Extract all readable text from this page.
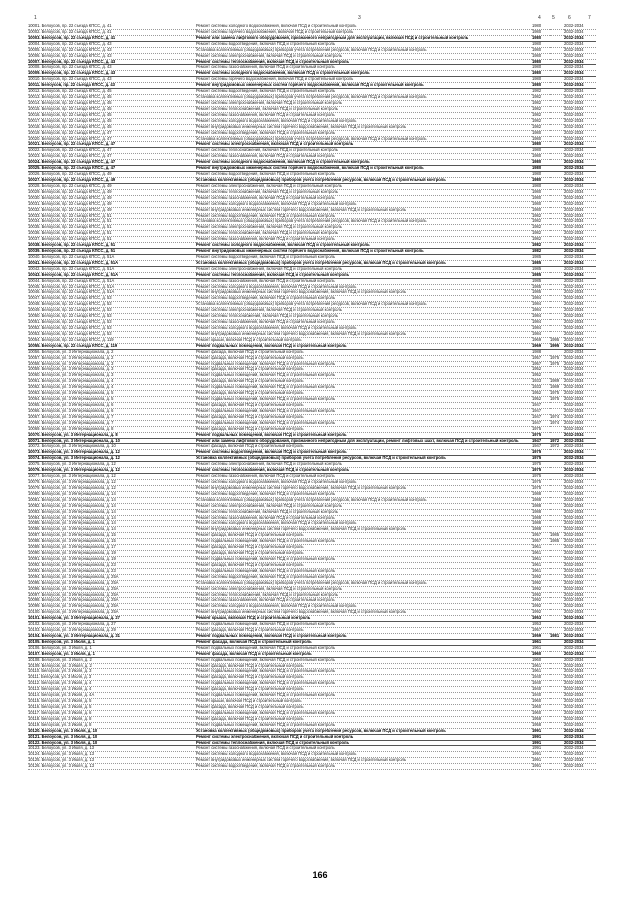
1	3	4 5	6	7
10001. Белоусов, пр. 22 съезда КПСС, д. 41	Ремонт системы холодного водоснабжения, включая ПСД и строительный контроль	1980		2032-2034
10002. Белоусов, пр. 22 съезда КПСС, д. 41	Ремонт системы горячего водоснабжения, включая ПСД и строительный контроль	1980		2032-2034
10003. Белоусов, пр. 22 съезда КПСС, д. 41	Ремонт или замена лифтового оборудования, признанного непригодным для эксплуатации, включая ПСД и строительный контроль	1980		2032-2034
10004. Белоусов, пр. 22 съезда КПСС, д. 43	Ремонт системы водоотведения, включая ПСД и строительный контроль	1980		2032-2034
10005. Белоусов, пр. 22 съезда КПСС, д. 43	Установка коллективных (общедомовых) приборов учета потребления ресурсов, включая ПСД и строительный контроль	1980		2032-2034
10006. Белоусов, пр. 22 съезда КПСС, д. 43	Ремонт системы электроснабжения, включая ПСД и строительный контроль	1980		2032-2034
10007. Белоусов, пр. 22 съезда КПСС, д. 43	Ремонт системы теплоснабжения, включая ПСД и строительный контроль	1980		2032-2034
10008. Белоусов, пр. 22 съезда КПСС, д. 43	Ремонт системы газоснабжения, включая ПСД и строительный контроль	1980		2032-2034
10009. Белоусов, пр. 22 съезда КПСС, д. 43	Ремонт системы холодного водоснабжения, включая ПСД и строительный контроль	1980		2032-2034
10010. Белоусов, пр. 22 съезда КПСС, д. 43	Ремонт системы горячего водоснабжения, включая ПСД и строительный контроль	1980		2032-2034
10011. Белоусов, пр. 22 съезда КПСС, д. 43	Ремонт внутридомовых инженерных систем горячего водоснабжения, включая ПСД и строительный контроль	1980		2032-2034
10012. Белоусов, пр. 22 съезда КПСС, д. 45	Ремонт системы водоотведения, включая ПСД и строительный контроль	1982		2032-2034
10013. Белоусов, пр. 22 съезда КПСС, д. 45	Установка коллективных (общедомовых) приборов учета потребления ресурсов, включая ПСД и строительный контроль	1982		2032-2034
10014. Белоусов, пр. 22 съезда КПСС, д. 45	Ремонт системы электроснабжения, включая ПСД и строительный контроль	1982		2032-2034
10015. Белоусов, пр. 22 съезда КПСС, д. 45	Ремонт системы теплоснабжения, включая ПСД и строительный контроль	1982		2032-2034
10016. Белоусов, пр. 22 съезда КПСС, д. 45	Ремонт системы газоснабжения, включая ПСД и строительный контроль	1982		2032-2034
10017. Белоусов, пр. 22 съезда КПСС, д. 45	Ремонт системы холодного водоснабжения, включая ПСД и строительный контроль	1982		2032-2034
10018. Белоусов, пр. 22 съезда КПСС, д. 45	Ремонт внутридомовых инженерных систем горячего водоснабжения, включая ПСД и строительный контроль	1982		2032-2034
10019. Белоусов, пр. 22 съезда КПСС, д. 47	Ремонт системы водоотведения, включая ПСД и строительный контроль	1980		2032-2034
10020. Белоусов, пр. 22 съезда КПСС, д. 47	Установка коллективных (общедомовых) приборов учета потребления ресурсов, включая ПСД и строительный контроль	1980		2032-2034
10021. Белоусов, пр. 22 съезда КПСС, д. 47	Ремонт системы электроснабжения, включая ПСД и строительный контроль	1980		2032-2034
10022. Белоусов, пр. 22 съезда КПСС, д. 47	Ремонт системы теплоснабжения, включая ПСД и строительный контроль	1980		2032-2034
10023. Белоусов, пр. 22 съезда КПСС, д. 47	Ремонт системы газоснабжения, включая ПСД и строительный контроль	1980		2032-2034
10024. Белоусов, пр. 22 съезда КПСС, д. 47	Ремонт системы холодного водоснабжения, включая ПСД и строительный контроль	1980		2032-2034
10025. Белоусов, пр. 22 съезда КПСС, д. 47	Ремонт внутридомовых инженерных систем горячего водоснабжения, включая ПСД и строительный контроль	1980		2032-2034
10026. Белоусов, пр. 22 съезда КПСС, д. 49	Ремонт системы водоотведения, включая ПСД и строительный контроль	1980		2032-2034
10027. Белоусов, пр. 22 съезда КПСС, д. 49	Установка коллективных (общедомовых) приборов учета потребления ресурсов, включая ПСД и строительный контроль	1980		2032-2034
10028. Белоусов, пр. 22 съезда КПСС, д. 49	Ремонт системы электроснабжения, включая ПСД и строительный контроль	1980		2032-2034
10029. Белоусов, пр. 22 съезда КПСС, д. 49	Ремонт системы теплоснабжения, включая ПСД и строительный контроль	1980		2032-2034
10030. Белоусов, пр. 22 съезда КПСС, д. 49	Ремонт системы газоснабжения, включая ПСД и строительный контроль	1980		2032-2034
10031. Белоусов, пр. 22 съезда КПСС, д. 49	Ремонт системы холодного водоснабжения, включая ПСД и строительный контроль	1980		2032-2034
10032. Белоусов, пр. 22 съезда КПСС, д. 49	Ремонт внутридомовых инженерных систем горячего водоснабжения, включая ПСД и строительный контроль	1980		2032-2034
10033. Белоусов, пр. 22 съезда КПСС, д. 51	Ремонт системы водоотведения, включая ПСД и строительный контроль	1982		2032-2034
10034. Белоусов, пр. 22 съезда КПСС, д. 51	Установка коллективных (общедомовых) приборов учета потребления ресурсов, включая ПСД и строительный контроль	1982		2032-2034
10035. Белоусов, пр. 22 съезда КПСС, д. 51	Ремонт системы электроснабжения, включая ПСД и строительный контроль	1982		2032-2034
10036. Белоусов, пр. 22 съезда КПСС, д. 51	Ремонт системы теплоснабжения, включая ПСД и строительный контроль	1982		2032-2034
10037. Белоусов, пр. 22 съезда КПСС, д. 51	Ремонт системы газоснабжения, включая ПСД и строительный контроль	1982		2032-2034
10038. Белоусов, пр. 22 съезда КПСС, д. 51	Ремонт системы холодного водоснабжения, включая ПСД и строительный контроль	1982		2032-2034
10039. Белоусов, пр. 22 съезда КПСС, д. 51	Ремонт внутридомовых инженерных систем горячего водоснабжения, включая ПСД и строительный контроль	1982		2032-2034
10040. Белоусов, пр. 22 съезда КПСС, д. 51А	Ремонт системы водоотведения, включая ПСД и строительный контроль	1985		2032-2034
10041. Белоусов, пр. 22 съезда КПСС, д. 51А	Установка коллективных (общедомовых) приборов учета потребления ресурсов, включая ПСД и строительный контроль	1985		2032-2034
10042. Белоусов, пр. 22 съезда КПСС, д. 51А	Ремонт системы электроснабжения, включая ПСД и строительный контроль	1985		2032-2034
10043. Белоусов, пр. 22 съезда КПСС, д. 51А	Ремонт системы теплоснабжения, включая ПСД и строительный контроль	1985		2032-2034
10044. Белоусов, пр. 22 съезда КПСС, д. 51А	Ремонт системы газоснабжения, включая ПСД и строительный контроль	1985		2032-2034
10045. Белоусов, пр. 22 съезда КПСС, д. 51А	Ремонт системы холодного водоснабжения, включая ПСД и строительный контроль	1985		2032-2034
10046. Белоусов, пр. 22 съезда КПСС, д. 51А	Ремонт внутридомовых инженерных систем горячего водоснабжения, включая ПСД и строительный контроль	1985		2032-2034
10047. Белоусов, пр. 22 съезда КПСС, д. 53	Ремонт системы водоотведения, включая ПСД и строительный контроль	1984		2032-2034
10048. Белоусов, пр. 22 съезда КПСС, д. 53	Установка коллективных (общедомовых) приборов учета потребления ресурсов, включая ПСД и строительный контроль	1984		2032-2034
10049. Белоусов, пр. 22 съезда КПСС, д. 53	Ремонт системы электроснабжения, включая ПСД и строительный контроль	1984		2032-2034
10050. Белоусов, пр. 22 съезда КПСС, д. 53	Ремонт системы теплоснабжения, включая ПСД и строительный контроль	1984		2032-2034
10051. Белоусов, пр. 22 съезда КПСС, д. 53	Ремонт системы газоснабжения, включая ПСД и строительный контроль	1984		2032-2034
10052. Белоусов, пр. 22 съезда КПСС, д. 53	Ремонт системы холодного водоснабжения, включая ПСД и строительный контроль	1984		2032-2034
10053. Белоусов, пр. 22 съезда КПСС, д. 53	Ремонт внутридомовых инженерных систем горячего водоснабжения, включая ПСД и строительный контроль	1984		2032-2034
10054. Белоусов, пр. 22 съезда КПСС, д. 119	Ремонт крыши, включая ПСД и строительный контроль	1969	1995	2032-2034
10055. Белоусов, пр. 22 съезда КПСС, д. 119	Ремонт подвальных помещений, включая ПСД и строительный контроль	1969	1995	2032-2034
10056. Белоусов, ул. 3 Интернационала, д. 2	Ремонт фасада, включая ПСД и строительный контроль	1988		2032-2034
10057. Белоусов, ул. 3 Интернационала, д. 2	Ремонт фасада, включая ПСД и строительный контроль	1957	1975	2032-2034
10058. Белоусов, ул. 3 Интернационала, д. 3	Ремонт подвальных помещений, включая ПСД и строительный контроль	1957	1975	2032-2034
10059. Белоусов, ул. 3 Интернационала, д. 3	Ремонт фасада, включая ПСД и строительный контроль	1952		2032-2034
10060. Белоусов, ул. 3 Интернационала, д. 3	Ремонт подвальных помещений, включая ПСД и строительный контроль	1952		2032-2034
10061. Белоусов, ул. 3 Интернационала, д. 4	Ремонт фасада, включая ПСД и строительный контроль	1933	1989	2032-2034
10062. Белоусов, ул. 3 Интернационала, д. 4	Ремонт подвальных помещений, включая ПСД и строительный контроль	1933	1989	2032-2034
10063. Белоусов, ул. 3 Интернационала, д. 5	Ремонт фасада, включая ПСД и строительный контроль	1952	1975	2032-2034
10064. Белоусов, ул. 3 Интернационала, д. 5	Ремонт подвальных помещений, включая ПСД и строительный контроль	1952	1975	2032-2034
10065. Белоусов, ул. 3 Интернационала, д. 6	Ремонт фасада, включая ПСД и строительный контроль	1947		2032-2034
10066. Белоусов, ул. 3 Интернационала, д. 6	Ремонт подвальных помещений, включая ПСД и строительный контроль	1947		2032-2034
10067. Белоусов, ул. 3 Интернационала, д. 7	Ремонт фасада, включая ПСД и строительный контроль	1947	1974	2032-2034
10068. Белоусов, ул. 3 Интернационала, д. 7	Ремонт подвальных помещений, включая ПСД и строительный контроль	1947	1974	2032-2034
10069. Белоусов, ул. 3 Интернационала, д. 8	Ремонт фасада, включая ПСД и строительный контроль	1975		2032-2034
10070. Белоусов, ул. 3 Интернационала, д. 8	Ремонт подвальных помещений, включая ПСД и строительный контроль	1975		2032-2034
10071. Белоусов, ул. 3 Интернационала, д. 10	Ремонт или замена лифтового оборудования, признанного непригодным для эксплуатации, ремонт лифтовых шахт, включая ПСД и строительный контроль	1947	1972	2032-2034
10072. Белоусов, ул. 3 Интернационала, д. 10	Ремонт фасада, включая ПСД и строительный контроль	1947	1972	2032-2034
10073. Белоусов, ул. 3 Интернационала, д. 12	Ремонт системы водоотведения, включая ПСД и строительный контроль	1975		2032-2034
10074. Белоусов, ул. 3 Интернационала, д. 12	Установка коллективных (общедомовых) приборов учета потребления ресурсов, включая ПСД и строительный контроль	1975		2032-2034
10075. Белоусов, ул. 3 Интернационала, д. 12	Ремонт системы электроснабжения, включая ПСД и строительный контроль	1975		2032-2034
10076. Белоусов, ул. 3 Интернационала, д. 12	Ремонт системы теплоснабжения, включая ПСД и строительный контроль	1975		2032-2034
10077. Белоусов, ул. 3 Интернационала, д. 12	Ремонт системы газоснабжения, включая ПСД и строительный контроль	1975		2032-2034
10078. Белоусов, ул. 3 Интернационала, д. 12	Ремонт системы холодного водоснабжения, включая ПСД и строительный контроль	1975		2032-2034
10079. Белоусов, ул. 3 Интернационала, д. 12	Ремонт внутридомовых инженерных систем горячего водоснабжения, включая ПСД и строительный контроль	1975		2032-2034
10080. Белоусов, ул. 3 Интернационала, д. 14	Ремонт системы водоотведения, включая ПСД и строительный контроль	1988		2032-2034
10081. Белоусов, ул. 3 Интернационала, д. 14	Установка коллективных (общедомовых) приборов учета потребления ресурсов, включая ПСД и строительный контроль	1988		2032-2034
10082. Белоусов, ул. 3 Интернационала, д. 14	Ремонт системы электроснабжения, включая ПСД и строительный контроль	1988		2032-2034
10083. Белоусов, ул. 3 Интернационала, д. 14	Ремонт системы теплоснабжения, включая ПСД и строительный контроль	1988		2032-2034
10084. Белоусов, ул. 3 Интернационала, д. 14	Ремонт системы газоснабжения, включая ПСД и строительный контроль	1988		2032-2034
10085. Белоусов, ул. 3 Интернационала, д. 14	Ремонт системы холодного водоснабжения, включая ПСД и строительный контроль	1988		2032-2034
10086. Белоусов, ул. 3 Интернационала, д. 14	Ремонт внутридомовых инженерных систем горячего водоснабжения, включая ПСД и строительный контроль	1988		2032-2034
10087. Белоусов, ул. 3 Интернационала, д. 15	Ремонт фасада, включая ПСД и строительный контроль	1957	1985	2032-2034
10088. Белоусов, ул. 3 Интернационала, д. 15	Ремонт подвальных помещений, включая ПСД и строительный контроль	1957	1985	2032-2034
10089. Белоусов, ул. 3 Интернационала, д. 17	Ремонт фасада, включая ПСД и строительный контроль	1961		2032-2034
10090. Белоусов, ул. 3 Интернационала, д. 19	Ремонт фасада, включая ПСД и строительный контроль	1961		2032-2034
10091. Белоусов, ул. 3 Интернационала, д. 19	Ремонт подвальных помещений, включая ПСД и строительный контроль	1961		2032-2034
10092. Белоусов, ул. 3 Интернационала, д. 23	Ремонт фасада, включая ПСД и строительный контроль	1961		2032-2034
10093. Белоусов, ул. 3 Интернационала, д. 23	Ремонт подвальных помещений, включая ПСД и строительный контроль	1961		2032-2034
10094. Белоусов, ул. 3 Интернационала, д. 25А	Ремонт системы водоотведения, включая ПСД и строительный контроль	1992		2032-2034
10095. Белоусов, ул. 3 Интернационала, д. 25А	Установка коллективных (общедомовых) приборов учета потребления ресурсов, включая ПСД и строительный контроль	1992		2032-2034
10096. Белоусов, ул. 3 Интернационала, д. 25А	Ремонт системы электроснабжения, включая ПСД и строительный контроль	1992		2032-2034
10097. Белоусов, ул. 3 Интернационала, д. 25А	Ремонт системы теплоснабжения, включая ПСД и строительный контроль	1992		2032-2034
10098. Белоусов, ул. 3 Интернационала, д. 25А	Ремонт системы газоснабжения, включая ПСД и строительный контроль	1992		2032-2034
10099. Белоусов, ул. 3 Интернационала, д. 25А	Ремонт системы холодного водоснабжения, включая ПСД и строительный контроль	1992		2032-2034
10100. Белоусов, ул. 3 Интернационала, д. 25А	Ремонт внутридомовых инженерных систем горячего водоснабжения, включая ПСД и строительный контроль	1992		2032-2034
10101. Белоусов, ул. 3 Интернационала, д. 27	Ремонт крыши, включая ПСД и строительный контроль	1953		2032-2034
10102. Белоусов, ул. 3 Интернационала, д. 27	Ремонт подвальных помещений, включая ПСД и строительный контроль	1953		2032-2034
10103. Белоусов, ул. 3 Интернационала, д. 29	Ремонт фасада, включая ПСД и строительный контроль	1957		2032-2034
10104. Белоусов, ул. 3 Интернационала, д. 31	Ремонт подвальных помещений, включая ПСД и строительный контроль	1959	1981	2032-2034
10105. Белоусов, ул. 3 Июля, д. 1	Ремонт фасада, включая ПСД и строительный контроль	1961		2032-2034
10106. Белоусов, ул. 3 Июля, д. 1	Ремонт подвальных помещений, включая ПСД и строительный контроль	1961		2032-2034
10107. Белоусов, ул. 3 Июля, д. 1	Ремонт фасада, включая ПСД и строительный контроль	1960		2032-2034
10108. Белоусов, ул. 3 Июля, д. 2	Ремонт подвальных помещений, включая ПСД и строительный контроль	1960		2032-2034
10109. Белоусов, ул. 3 Июля, д. 2	Ремонт фасада, включая ПСД и строительный контроль	1961		2032-2034
10110. Белоусов, ул. 3 Июля, д. 3	Ремонт подвальных помещений, включая ПСД и строительный контроль	1961		2032-2034
10111. Белоусов, ул. 3 Июля, д. 3	Ремонт фасада, включая ПСД и строительный контроль	1940		2032-2034
10112. Белоусов, ул. 3 Июля, д. 4	Ремонт подвальных помещений, включая ПСД и строительный контроль	1940		2032-2034
10113. Белоусов, ул. 3 Июля, д. 4	Ремонт фасада, включая ПСД и строительный контроль	1940		2032-2034
10114. Белоусов, ул. 3 Июля, д. 4А	Ремонт подвальных помещений, включая ПСД и строительный контроль	1940		2032-2034
10115. Белоусов, ул. 3 Июля, д. 5	Ремонт крыши, включая ПСД и строительный контроль	1960		2032-2034
10116. Белоусов, ул. 3 Июля, д. 5	Ремонт фасада, включая ПСД и строительный контроль	1960		2032-2034
10117. Белоусов, ул. 3 Июля, д. 6	Ремонт подвальных помещений, включая ПСД и строительный контроль	1960		2032-2034
10118. Белоусов, ул. 3 Июля, д. 8	Ремонт фасада, включая ПСД и строительный контроль	1958		2032-2034
10119. Белоусов, ул. 3 Июля, д. 8	Ремонт подвальных помещений, включая ПСД и строительный контроль	1958		2032-2034
10120. Белоусов, ул. 3 Июля, д. 10	Установка коллективных (общедомовых) приборов учета потребления ресурсов, включая ПСД и строительный контроль	1991		2032-2034
10121. Белоусов, ул. 3 Июля, д. 10	Ремонт системы электроснабжения, включая ПСД и строительный контроль	1991		2032-2034
10122. Белоусов, ул. 3 Июля, д. 10	Ремонт системы теплоснабжения, включая ПСД и строительный контроль	1991		2032-2034
10123. Белоусов, ул. 3 Июля, д. 13	Ремонт системы газоснабжения, включая ПСД и строительный контроль	1991		2032-2034
10124. Белоусов, ул. 3 Июля, д. 13	Ремонт системы холодного водоснабжения, включая ПСД и строительный контроль	1991		2032-2034
10125. Белоусов, ул. 3 Июля, д. 13	Ремонт внутридомовых инженерных систем горячего водоснабжения, включая ПСД и строительный контроль	1991		2032-2034
10126. Белоусов, ул. 3 Июля, д. 13	Ремонт системы водоотведения, включая ПСД и строительный контроль	1991		2032-2034
166
